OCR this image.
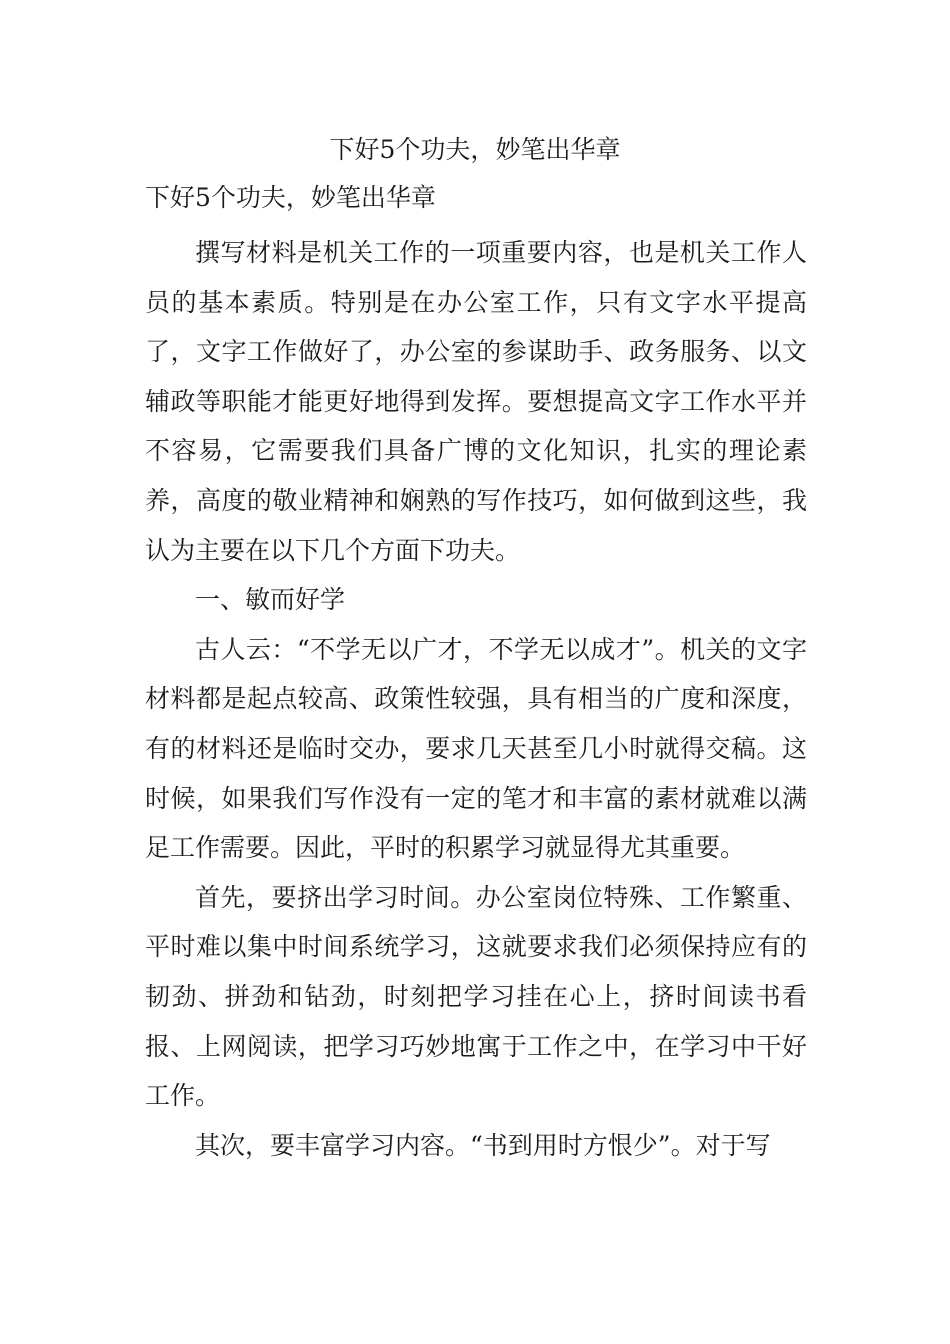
下好5个功夫，妙笔出华章
下好5个功夫，妙笔出华章

撰写材料是机关工作的一项重要内容，也是机关工作人员的基本素质。特别是在办公室工作，只有文字水平提高了，文字工作做好了，办公室的参谋助手、政务服务、以文辅政等职能才能更好地得到发挥。要想提高文字工作水平并不容易，它需要我们具备广博的文化知识，扎实的理论素养，高度的敬业精神和娴熟的写作技巧，如何做到这些，我认为主要在以下几个方面下功夫。

一、敏而好学

古人云：“不学无以广才，不学无以成才”。机关的文字材料都是起点较高、政策性较强，具有相当的广度和深度，有的材料还是临时交办，要求几天甚至几小时就得交稿。这时候，如果我们写作没有一定的笔才和丰富的素材就难以满足工作需要。因此，平时的积累学习就显得尤其重要。

首先，要挤出学习时间。办公室岗位特殊、工作繁重、平时难以集中时间系统学习，这就要求我们必须保持应有的韧劲、拼劲和钻劲，时刻把学习挂在心上，挤时间读书看报、上网阅读，把学习巧妙地寓于工作之中，在学习中干好工作。

其次，要丰富学习内容。“书到用时方恨少”。对于写
